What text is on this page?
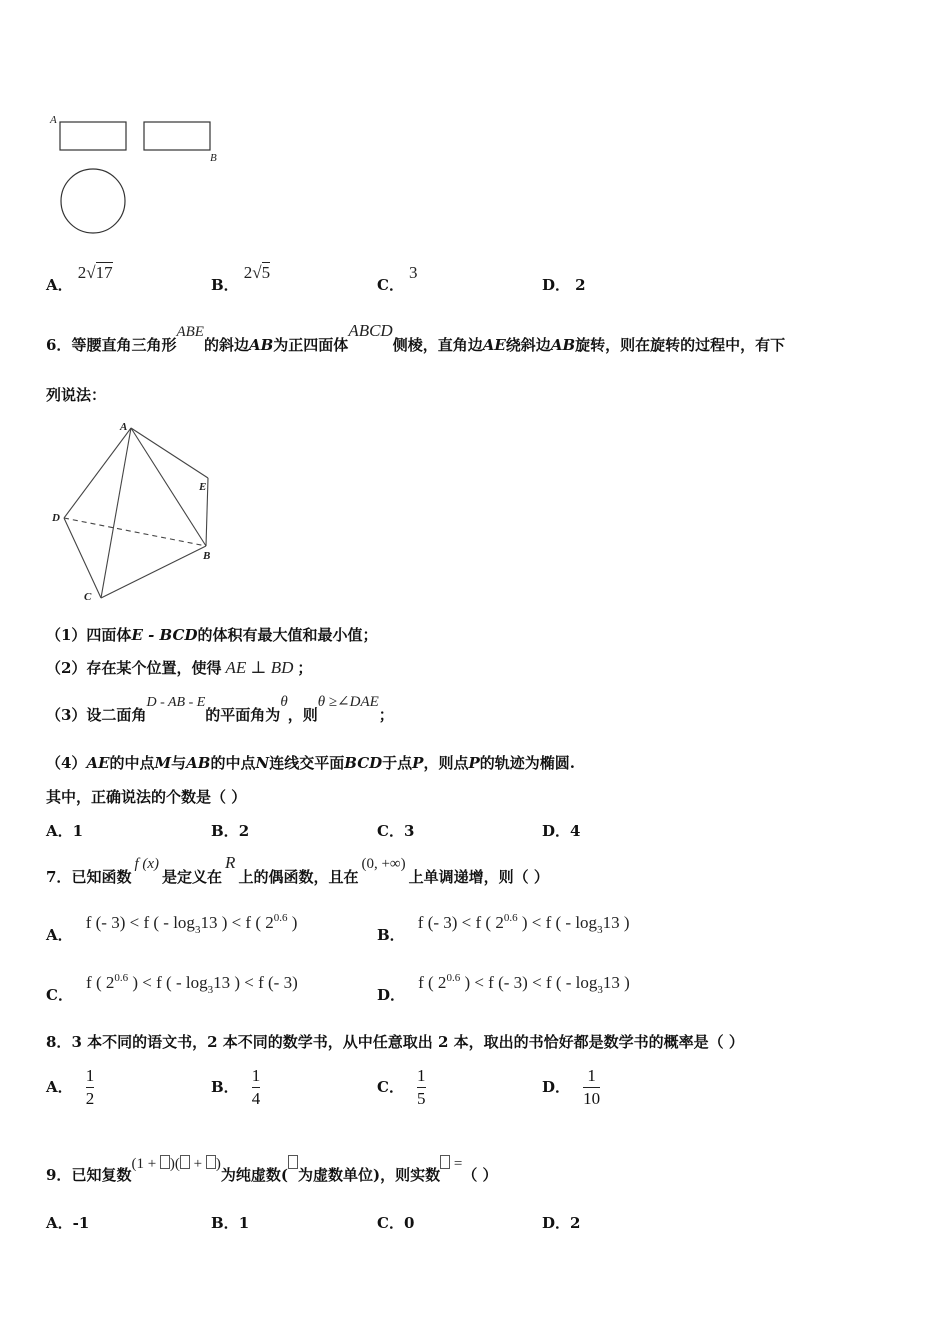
A
B
A． 2√17
B． 2√5
C． 3
D． 2
6．等腰直角三角形ABE的斜边AB为正四面体ABCD侧棱，直角边AE绕斜边AB旋转，则在旋转的过程中，有下
列说法：
A
E
D
B
C
（1）四面体E - BCD的体积有最大值和最小值；
（2）存在某个位置，使得 AE ⊥ BD ；
（3）设二面角D - AB - E的平面角为θ，则θ ≥∠DAE；
（4）AE的中点M与AB的中点N连线交平面BCD于点P，则点P的轨迹为椭圆.
其中，正确说法的个数是（ ）
A．1	B．2	C．3	D．4
7．已知函数f (x)是定义在R上的偶函数，且在(0, +∞)上单调递增，则（ ）
A． f (- 3) < f ( - $\log_313$ ) < f ( $2^{0.6}$ )
B． f (- 3) < f ( $2^{0.6}$ ) < f ( - $\log_313$ )
C． f ( $2^{0.6}$ ) < f ( - $\log_313$ ) < f (- 3)
D． f ( $2^{0.6}$ ) < f (- 3) < f ( - $\log_313$ )
8．3 本不同的语文书，2 本不同的数学书，从中任意取出 2 本，取出的书恰好都是数学书的概率是（ ）
A． $\frac{1}{2}$	B． $\frac{1}{4}$	C． $\frac{1}{5}$	D． $\frac{1}{10}$
9．已知复数(1 + )( + )为纯虚数( 为虚数单位)，则实数 =（ ）
A．-1	B．1	C．0	D．2
